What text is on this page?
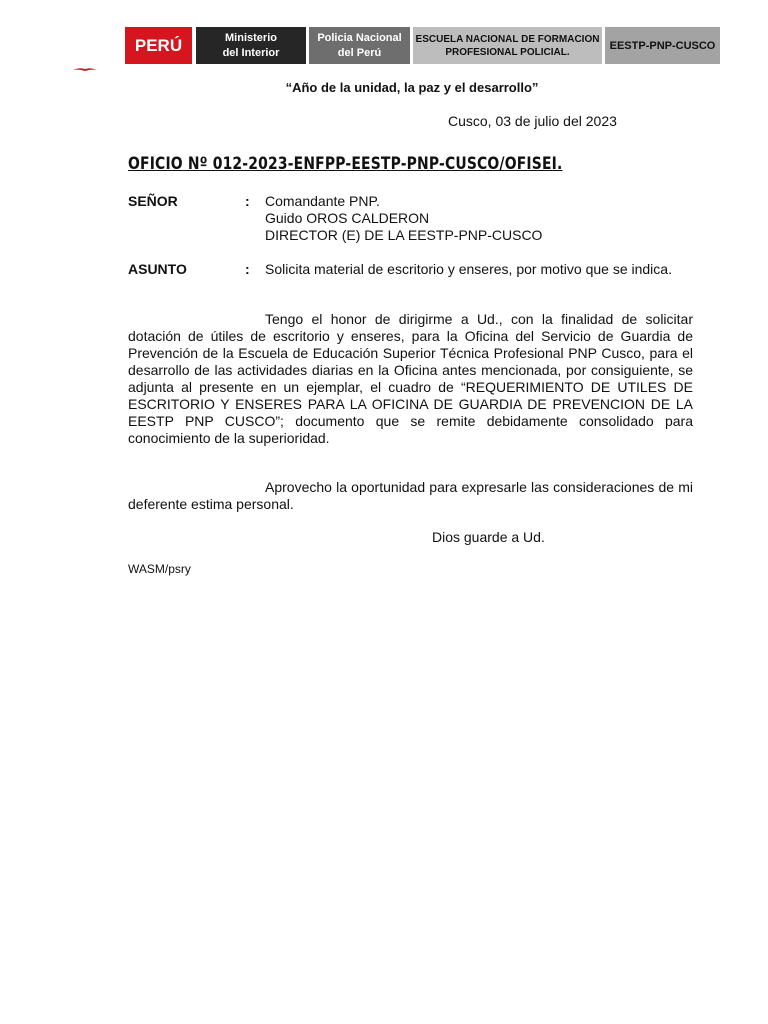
PERÚ	Ministerio
del Interior
Policia Nacional
del Perú
ESCUELA NACIONAL DE FORMACION
PROFESIONAL POLICIAL.
EESTP-PNP-CUSCO
“Año de la unidad, la paz y el desarrollo”
Cusco, 03 de julio del 2023
OFICIO Nº 012-2023-ENFPP-EESTP-PNP-CUSCO/OFISEI.
SEÑOR	: Comandante PNP.
Guido OROS CALDERON
DIRECTOR (E) DE LA EESTP-PNP-CUSCO
ASUNTO	: Solicita material de escritorio y enseres, por motivo que se indica.
Tengo el honor de dirigirme a Ud., con la finalidad de solicitar dotación de útiles de escritorio y enseres, para la Oficina del Servicio de Guardia de Prevención de la Escuela de Educación Superior Técnica Profesional PNP Cusco, para el desarrollo de las actividades diarias en la Oficina antes mencionada, por consiguiente, se adjunta al presente en un ejemplar, el cuadro de “REQUERIMIENTO DE UTILES DE ESCRITORIO Y ENSERES PARA LA OFICINA DE GUARDIA DE PREVENCION DE LA EESTP PNP CUSCO”; documento que se remite debidamente consolidado para conocimiento de la superioridad.
Aprovecho la oportunidad para expresarle las consideraciones de mi deferente estima personal.
Dios guarde a Ud.
WASM/psry
